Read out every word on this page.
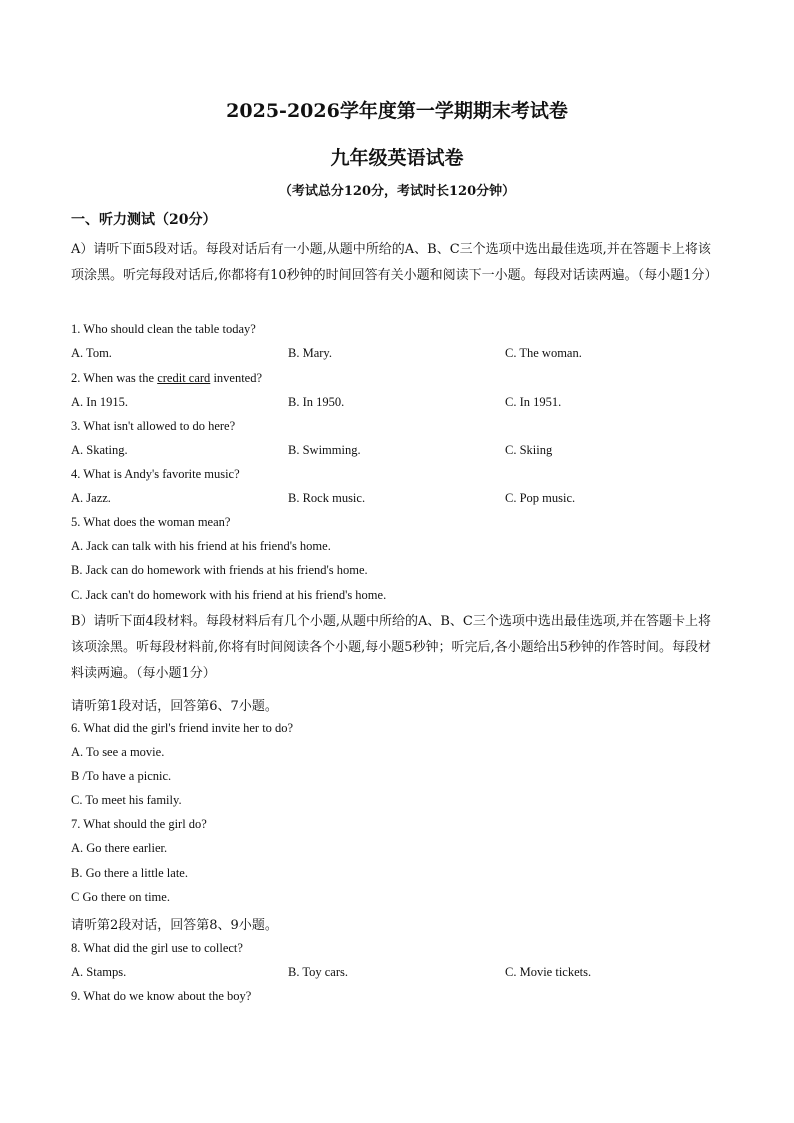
2025-2026学年度第一学期期末考试卷
九年级英语试卷
（考试总分120分，考试时长120分钟）
一、听力测试（20分）
A）请听下面5段对话。每段对话后有一小题,从题中所给的A、B、C三个选项中选出最佳选项,并在答题卡上将该项涂黑。听完每段对话后,你都将有10秒钟的时间回答有关小题和阅读下一小题。每段对话读两遍。（每小题1分）
1. Who should clean the table today?
A. Tom.	B. Mary.	C. The woman.
2. When was the credit card invented?
A. In 1915.	B. In 1950.	C. In 1951.
3. What isn't allowed to do here?
A. Skating.	B. Swimming.	C. Skiing
4. What is Andy's favorite music?
A. Jazz.	B. Rock music.	C. Pop music.
5. What does the woman mean?
A. Jack can talk with his friend at his friend's home.
B. Jack can do homework with friends at his friend's home.
C. Jack can't do homework with his friend at his friend's home.
B）请听下面4段材料。每段材料后有几个小题,从题中所给的A、B、C三个选项中选出最佳选项,并在答题卡上将该项涂黑。听每段材料前,你将有时间阅读各个小题,每小题5秒钟；听完后,各小题给出5秒钟的作答时间。每段材料读两遍。（每小题1分）
请听第1段对话，回答第6、7小题。
6. What did the girl's friend invite her to do?
A. To see a movie.
B /To have a picnic.
C. To meet his family.
7. What should the girl do?
A. Go there earlier.
B. Go there a little late.
C Go there on time.
请听第2段对话，回答第8、9小题。
8. What did the girl use to collect?
A. Stamps.	B. Toy cars.	C. Movie tickets.
9. What do we know about the boy?
